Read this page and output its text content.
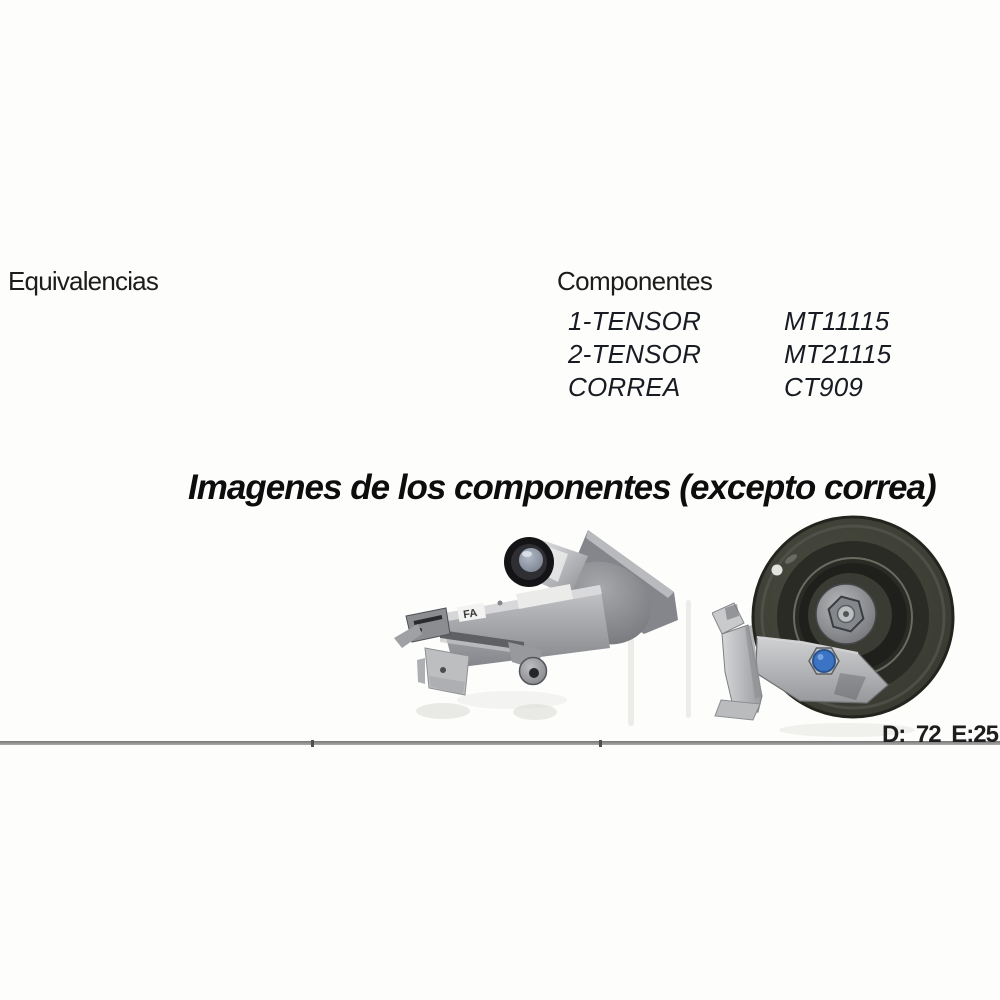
Equivalencias	Componentes
1-TENSOR	MT11115
2-TENSOR	MT21115
CORREA	CT909
Imagenes de los componentes (excepto correa)
FA
D: 72 E:25
